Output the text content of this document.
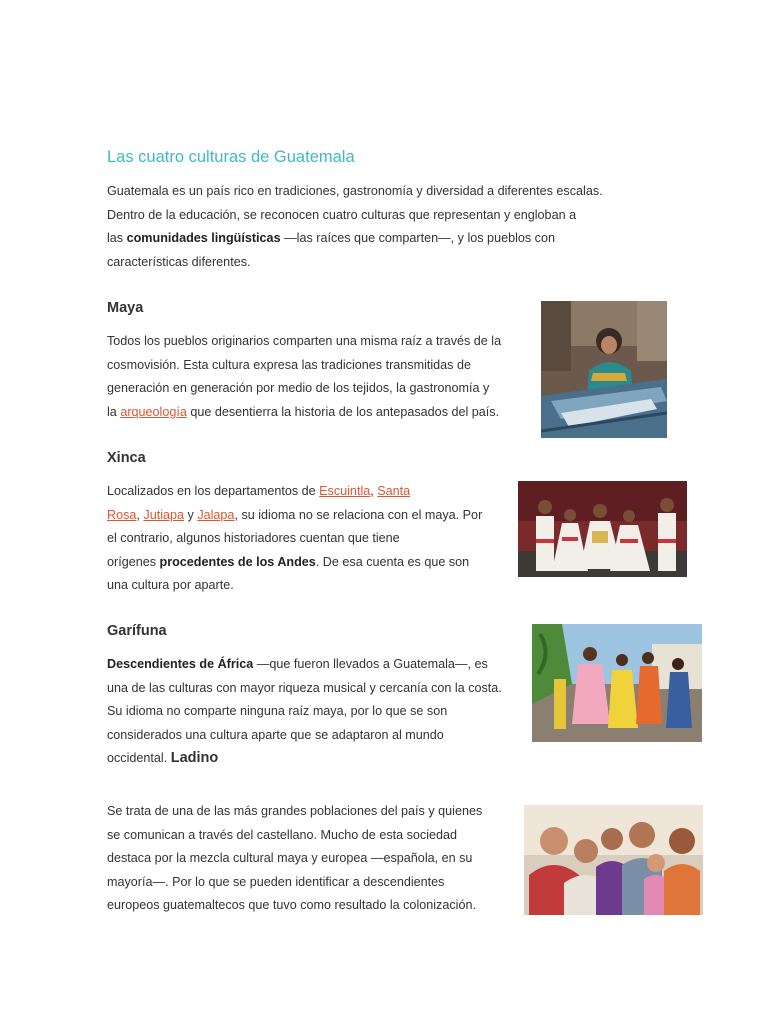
Las cuatro culturas de Guatemala
Guatemala es un país rico en tradiciones, gastronomía y diversidad a diferentes escalas.
Dentro de la educación, se reconocen cuatro culturas que representan y engloban a
las comunidades lingüísticas —las raíces que comparten—, y los pueblos con
características diferentes.
Maya
Todos los pueblos originarios comparten una misma raíz a través de la
cosmovisión. Esta cultura expresa las tradiciones transmitidas de
generación en generación por medio de los tejidos, la gastronomía y
la arqueología que desentierra la historia de los antepasados del país.
Xinca
Localizados en los departamentos de Escuintla, Santa
Rosa, Jutiapa y Jalapa, su idioma no se relaciona con el maya. Por
el contrario, algunos historiadores cuentan que tiene
orígenes procedentes de los Andes. De esa cuenta es que son
una cultura por aparte.
Garífuna
Descendientes de África —que fueron llevados a Guatemala—, es
una de las culturas con mayor riqueza musical y cercanía con la costa.
Su idioma no comparte ninguna raíz maya, por lo que se son
considerados una cultura aparte que se adaptaron al mundo
occidental. Ladino
Se trata de una de las más grandes poblaciones del país y quienes
se comunican a través del castellano. Mucho de esta sociedad
destaca por la mezcla cultural maya y europea —española, en su
mayoría—. Por lo que se pueden identificar a descendientes
europeos guatemaltecos que tuvo como resultado la colonización.
